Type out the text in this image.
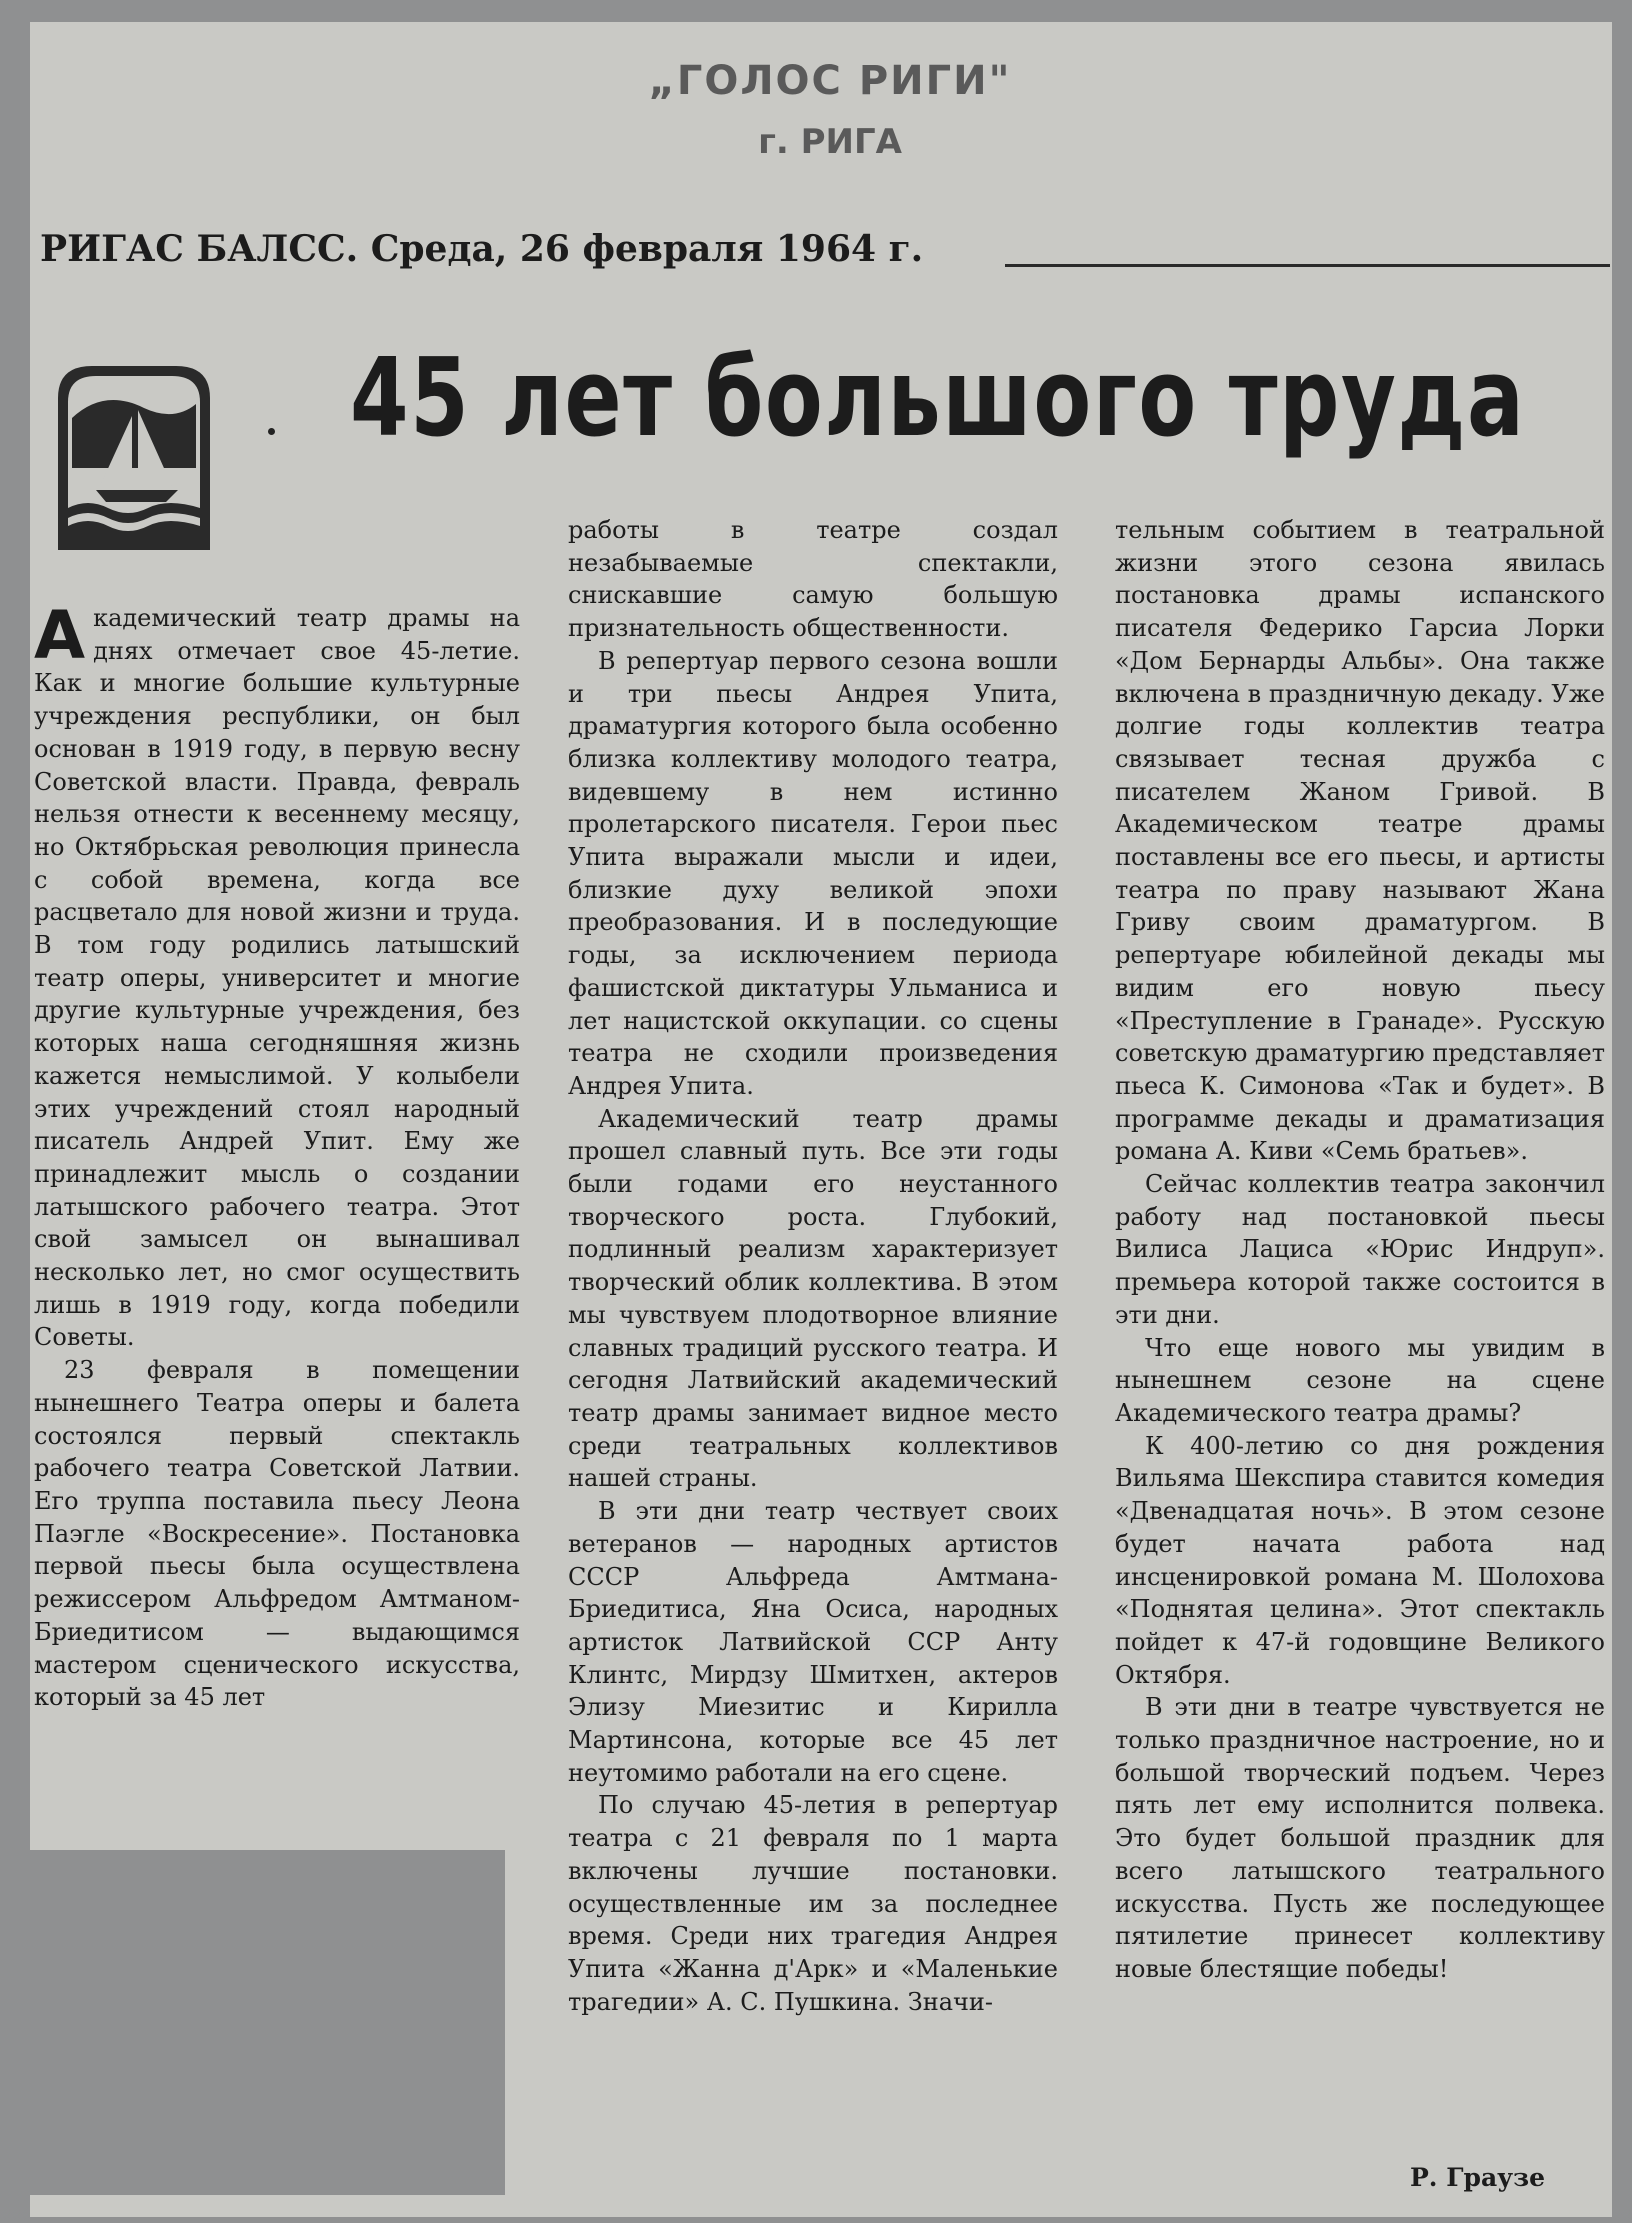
„ГОЛОС РИГИ"
г. РИГА
РИГАС БАЛСС. Среда, 26 февраля 1964 г.
45 лет большого труда

Академический театр драмы на днях отмечает свое 45-летие. Как и многие большие культурные учреждения республики, он был основан в 1919 году, в первую весну Советской власти. Правда, февраль нельзя отнести к весеннему месяцу, но Октябрьская революция принесла с собой времена, когда все расцветало для новой жизни и труда. В том году родились латышский театр оперы, университет и многие другие культурные учреждения, без которых наша сегодняшняя жизнь кажется немыслимой. У колыбели этих учреждений стоял народный писатель Андрей Упит. Ему же принадлежит мысль о создании латышского рабочего театра. Этот свой замысел он вынашивал несколько лет, но смог осуществить лишь в 1919 году, когда победили Советы.

23 февраля в помещении нынешнего Театра оперы и балета состоялся первый спектакль рабочего театра Советской Латвии. Его труппа поставила пьесу Леона Паэгле «Воскресение». Постановка первой пьесы была осуществлена режиссером Альфредом Амтманом-Бриедитисом — выдающимся мастером сценического искусства, который за 45 лет

работы в театре создал незабываемые спектакли, снискавшие самую большую признательность общественности.

В репертуар первого сезона вошли и три пьесы Андрея Упита, драматургия которого была особенно близка коллективу молодого театра, видевшему в нем истинно пролетарского писателя. Герои пьес Упита выражали мысли и идеи, близкие духу великой эпохи преобразования. И в последующие годы, за исключением периода фашистской диктатуры Ульманиса и лет нацистской оккупации. со сцены театра не сходили произведения Андрея Упита.

Академический театр драмы прошел славный путь. Все эти годы были годами его неустанного творческого роста. Глубокий, подлинный реализм характеризует творческий облик коллектива. В этом мы чувствуем плодотворное влияние славных традиций русского театра. И сегодня Латвийский академический театр драмы занимает видное место среди театральных коллективов нашей страны.

В эти дни театр чествует своих ветеранов — народных артистов СССР Альфреда Амтмана-Бриедитиса, Яна Осиса, народных артисток Латвийской ССР Анту Клинтс, Мирдзу Шмитхен, актеров Элизу Миезитис и Кирилла Мартинсона, которые все 45 лет неутомимо работали на его сцене.

По случаю 45-летия в репертуар театра с 21 февраля по 1 марта включены лучшие постановки. осуществленные им за последнее время. Среди них трагедия Андрея Упита «Жанна д'Арк» и «Маленькие трагедии» А. С. Пушкина. Значи-

тельным событием в театральной жизни этого сезона явилась постановка драмы испанского писателя Федерико Гарсиа Лорки «Дом Бернарды Альбы». Она также включена в праздничную декаду. Уже долгие годы коллектив театра связывает тесная дружба с писателем Жаном Гривой. В Академическом театре драмы поставлены все его пьесы, и артисты театра по праву называют Жана Гриву своим драматургом. В репертуаре юбилейной декады мы видим его новую пьесу «Преступление в Гранаде». Русскую советскую драматургию представляет пьеса К. Симонова «Так и будет». В программе декады и драматизация романа А. Киви «Семь братьев».

Сейчас коллектив театра закончил работу над постановкой пьесы Вилиса Лациса «Юрис Индруп». премьера которой также состоится в эти дни.

Что еще нового мы увидим в нынешнем сезоне на сцене Академического театра драмы?

К 400-летию со дня рождения Вильяма Шекспира ставится комедия «Двенадцатая ночь». В этом сезоне будет начата работа над инсценировкой романа М. Шолохова «Поднятая целина». Этот спектакль пойдет к 47-й годовщине Великого Октября.

В эти дни в театре чувствуется не только праздничное настроение, но и большой творческий подъем. Через пять лет ему исполнится полвека. Это будет большой праздник для всего латышского театрального искусства. Пусть же последующее пятилетие принесет коллективу новые блестящие победы!

Р. Граузе
